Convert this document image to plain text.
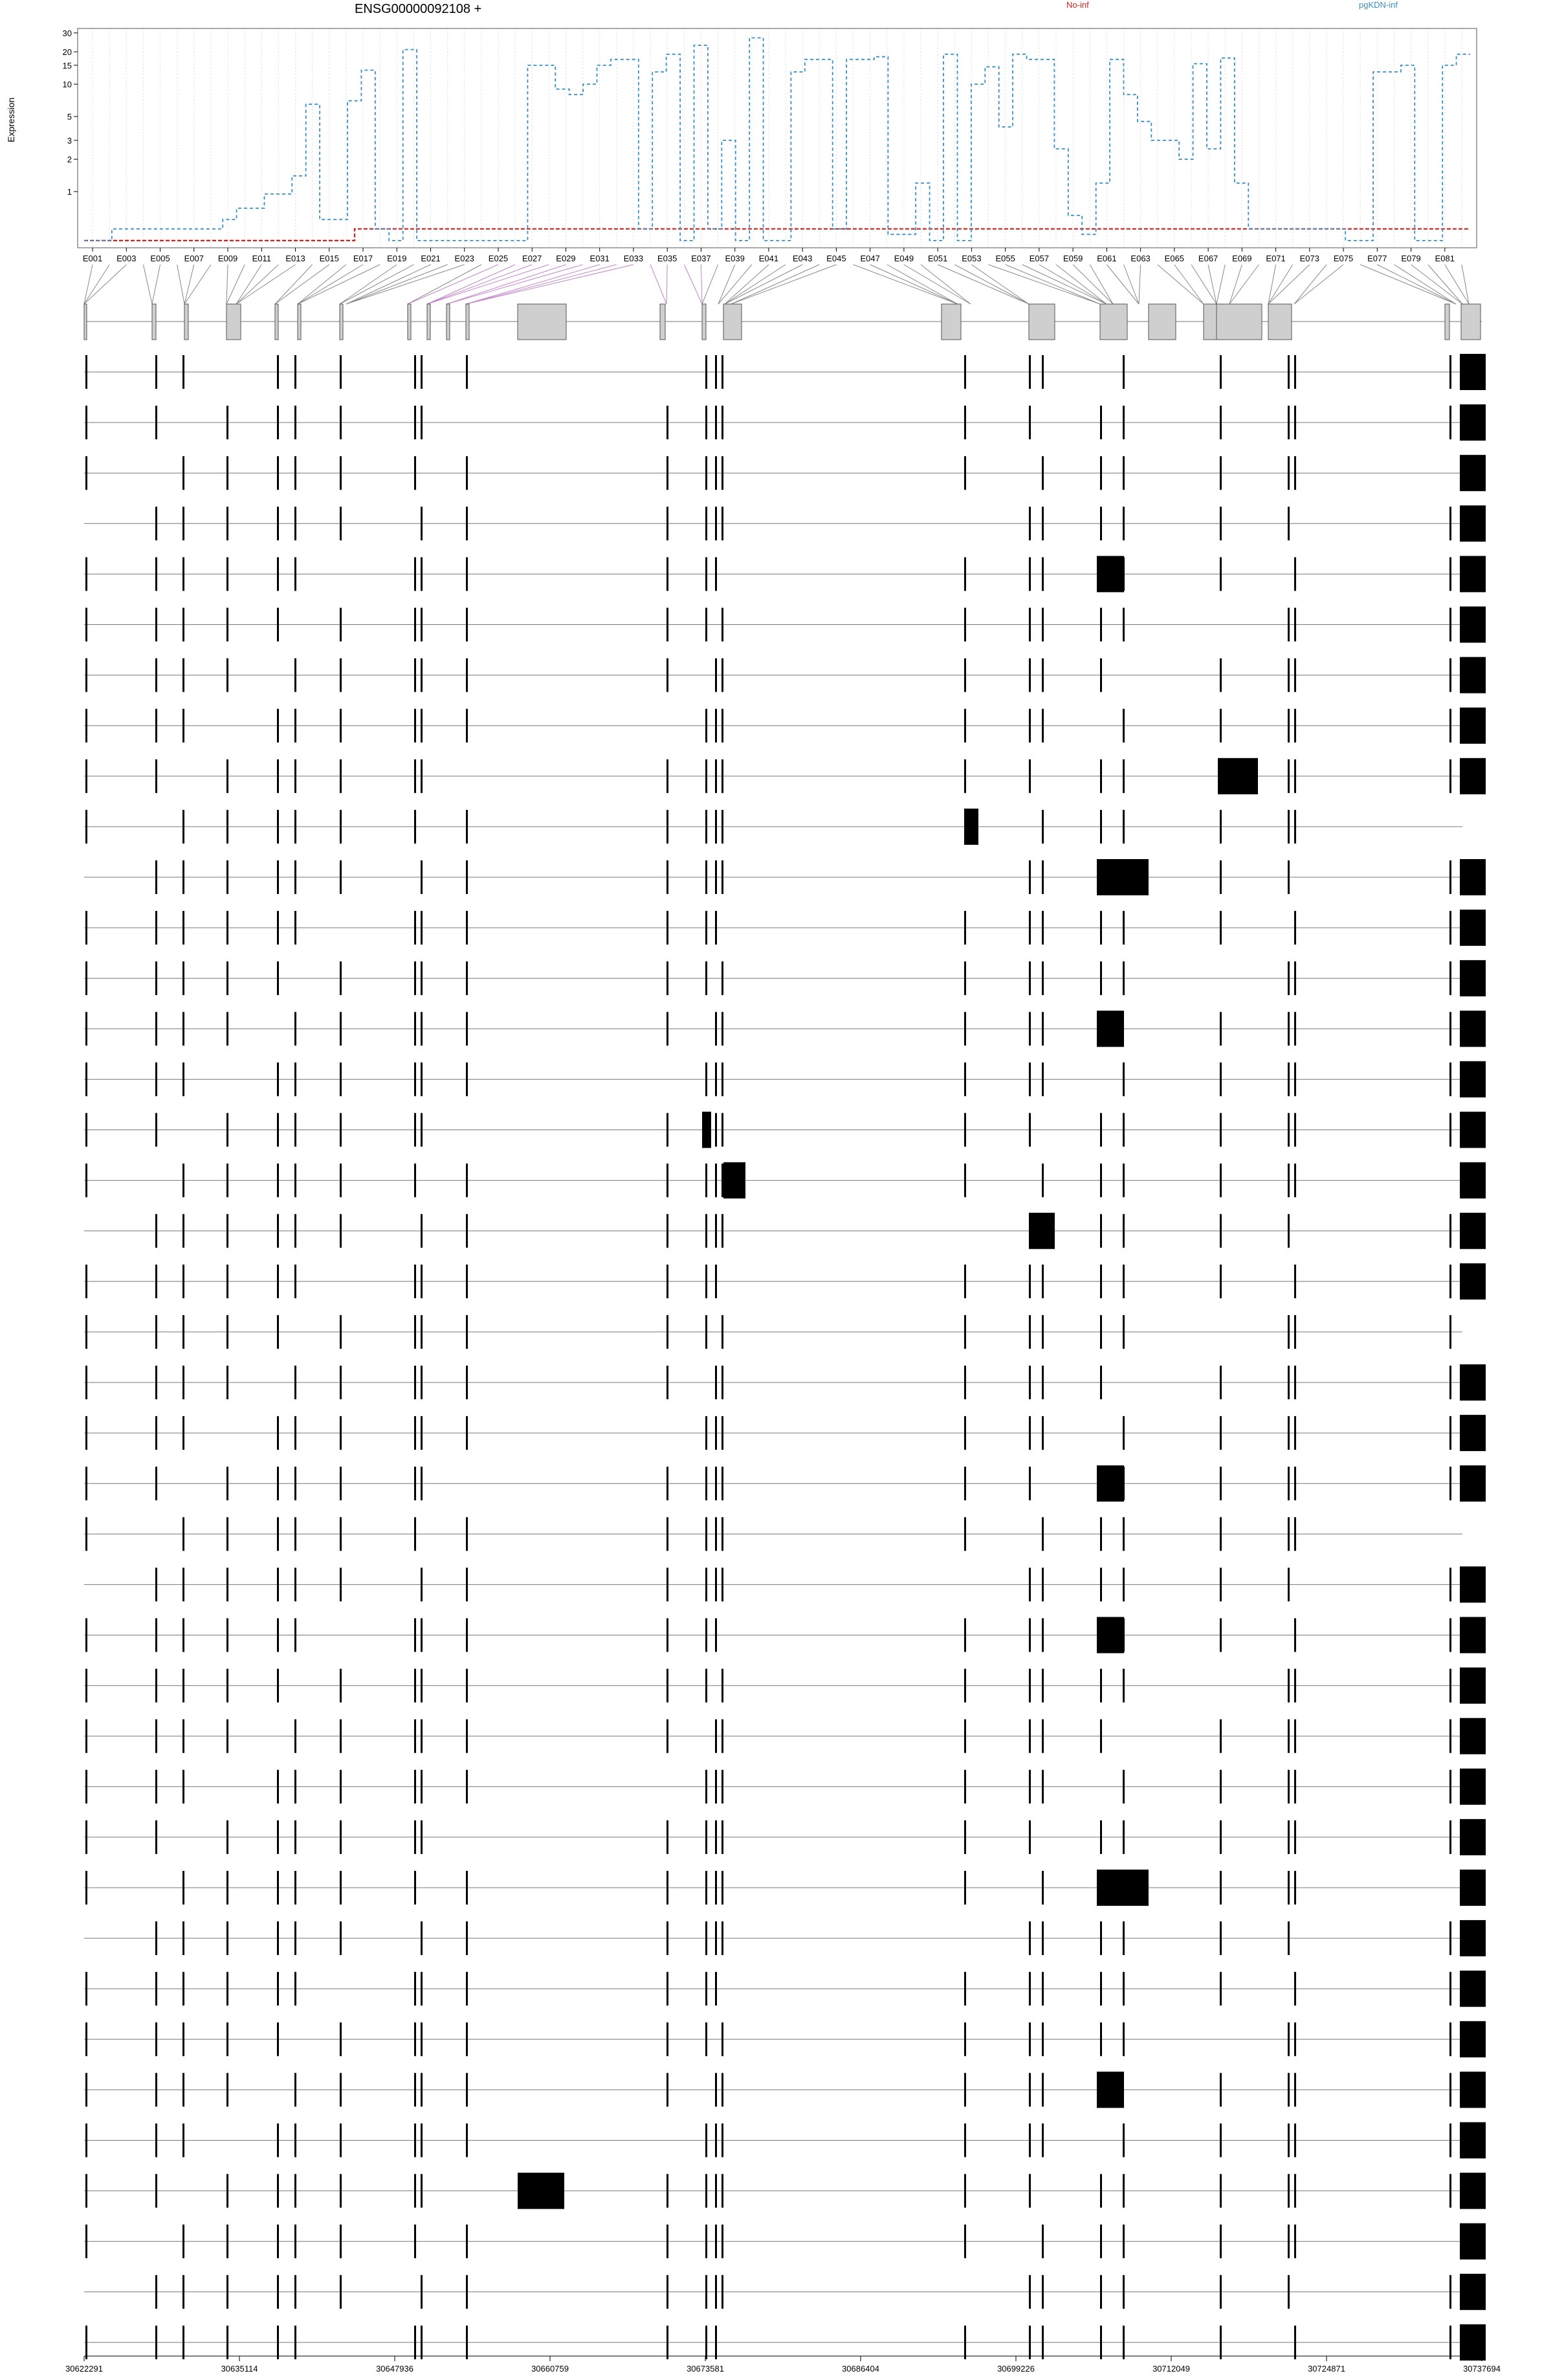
ENSG00000092108 +	No-inf	pgKDN-inf
Expression
1
2
3
5
10
15
20
30
E001 E003 E005 E007 E009 E011 E013 E015 E017 E019 E021 E023 E025 E027 E029 E031 E033 E035 E037 E039 E041 E043 E045 E047 E049 E051 E053 E055 E057 E059 E061 E063 E065 E067 E069 E071 E073 E075 E077 E079 E081
30622291	30635114	30647936	30660759	30673581	30686404	30699226	30712049	30724871	30737694
